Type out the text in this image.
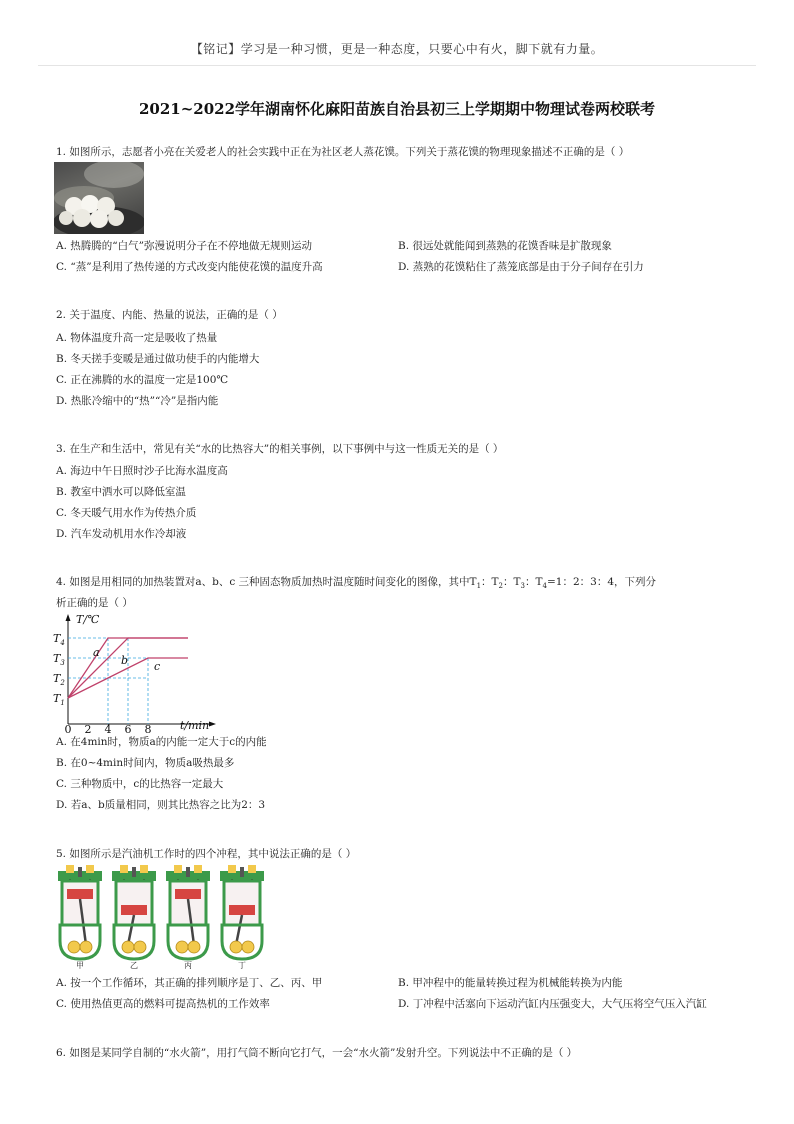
【铭记】学习是一种习惯，更是一种态度，只要心中有火，脚下就有力量。
2021~2022学年湖南怀化麻阳苗族自治县初三上学期期中物理试卷两校联考
1. 如图所示，志愿者小亮在关爱老人的社会实践中正在为社区老人蒸花馍。下列关于蒸花馍的物理现象描述不正确的是（ ）
A. 热腾腾的“白气”弥漫说明分子在不停地做无规则运动	B. 很远处就能闻到蒸熟的花馍香味是扩散现象
C. “蒸”是利用了热传递的方式改变内能使花馍的温度升高	D. 蒸熟的花馍粘住了蒸笼底部是由于分子间存在引力
2. 关于温度、内能、热量的说法，正确的是（ ）
A. 物体温度升高一定是吸收了热量
B. 冬天搓手变暖是通过做功使手的内能增大
C. 正在沸腾的水的温度一定是100℃
D. 热胀冷缩中的“热”“冷”是指内能
3. 在生产和生活中，常见有关“水的比热容大”的相关事例，以下事例中与这一性质无关的是（ ）
A. 海边中午日照时沙子比海水温度高
B. 教室中洒水可以降低室温
C. 冬天暖气用水作为传热介质
D. 汽车发动机用水作冷却液
4. 如图是用相同的加热装置对a、b、c 三种固态物质加热时温度随时间变化的图像，其中$T_1$：$T_2$：$T_3$：$T_4=1$：2：3：4，下列分
析正确的是（ ）
T/℃
t/min
a
b c
$T_4$
$T_3$
$T_2$
$T_1$
0 2 4 6 8
A. 在4min时，物质a的内能一定大于c的内能
B. 在0~4min时间内，物质a吸热最多
C. 三种物质中，c的比热容一定最大
D. 若a、b质量相同，则其比热容之比为2：3
5. 如图所示是汽油机工作时的四个冲程，其中说法正确的是（ ）
甲	乙	丙	丁
A. 按一个工作循环，其正确的排列顺序是丁、乙、丙、甲	B. 甲冲程中的能量转换过程为机械能转换为内能
C. 使用热值更高的燃料可提高热机的工作效率	D. 丁冲程中活塞向下运动汽缸内压强变大，大气压将空气压入汽缸
6. 如图是某同学自制的“水火箭”，用打气筒不断向它打气，一会“水火箭”发射升空。下列说法中不正确的是（ ）
